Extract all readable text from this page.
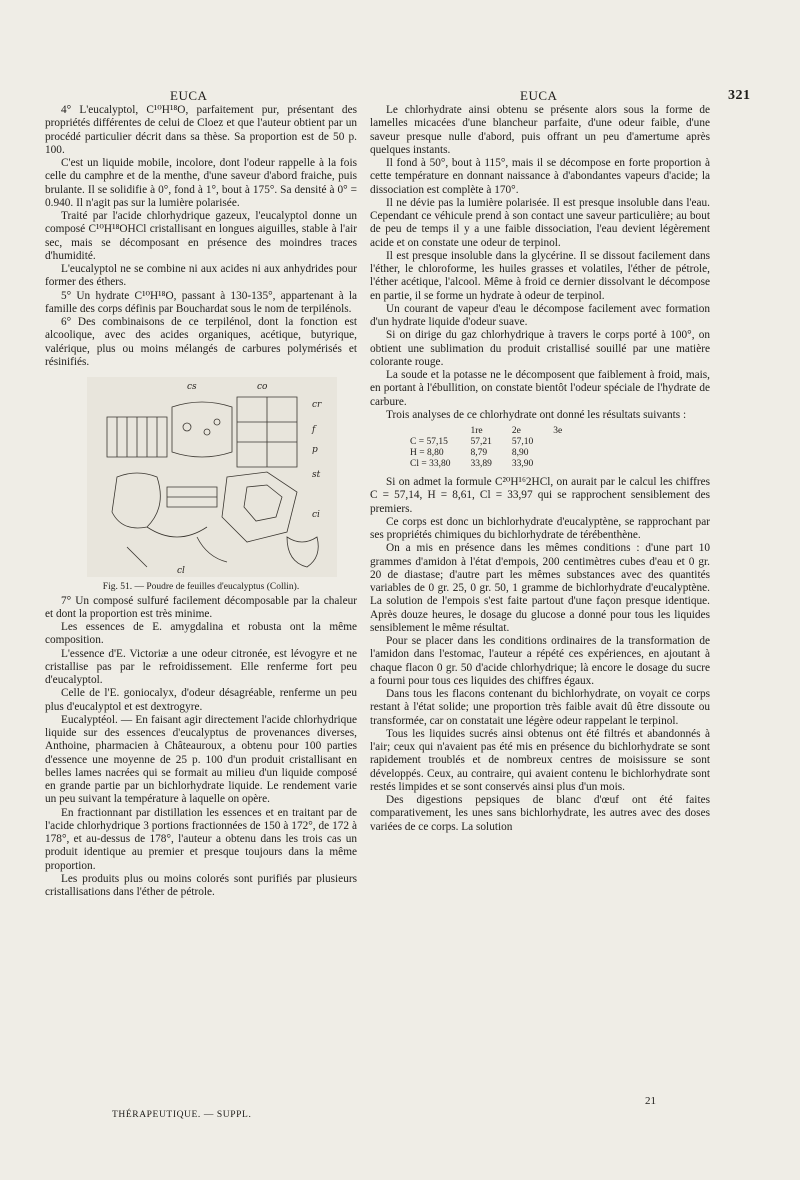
EUCA	EUCA	321

4° L'eucalyptol, C¹⁰H¹⁸O, parfaitement pur, présentant des propriétés différentes de celui de Cloez et que l'auteur obtient par un procédé particulier décrit dans sa thèse. Sa proportion est de 50 p. 100.

C'est un liquide mobile, incolore, dont l'odeur rappelle à la fois celle du camphre et de la menthe, d'une saveur d'abord fraiche, puis brulante. Il se solidifie à 0°, fond à 1°, bout à 175°. Sa densité à 0° = 0.940. Il n'agit pas sur la lumière polarisée.

Traité par l'acide chlorhydrique gazeux, l'eucalyptol donne un composé C¹⁰H¹⁸OHCl cristallisant en longues aiguilles, stable à l'air sec, mais se décomposant en présence des moindres traces d'humidité.

L'eucalyptol ne se combine ni aux acides ni aux anhydrides pour former des éthers.

5° Un hydrate C¹⁰H¹⁸O, passant à 130-135°, appartenant à la famille des corps définis par Bouchardat sous le nom de terpilénols.

6° Des combinaisons de ce terpilénol, dont la fonction est alcoolique, avec des acides organiques, acétique, butyrique, valérique, plus ou moins mélangés de carbures polymérisés et résinifiés.

cs	co
cr
f
p
st
ci
cl

Fig. 51. — Poudre de feuilles d'eucalyptus (Collin).

7° Un composé sulfuré facilement décomposable par la chaleur et dont la proportion est très minime.

Les essences de E. amygdalina et robusta ont la même composition.

L'essence d'E. Victoriæ a une odeur citronée, est lévogyre et ne cristallise pas par le refroidissement. Elle renferme fort peu d'eucalyptol.

Celle de l'E. goniocalyx, d'odeur désagréable, renferme un peu plus d'eucalyptol et est dextrogyre.

Eucalyptéol. — En faisant agir directement l'acide chlorhydrique liquide sur des essences d'eucalyptus de provenances diverses, Anthoine, pharmacien à Châteauroux, a obtenu pour 100 parties d'essence une moyenne de 25 p. 100 d'un produit cristallisant en belles lames nacrées qui se formait au milieu d'un liquide composé en grande partie par un bichlorhydrate liquide. Le rendement varie un peu suivant la température à laquelle on opère.

En fractionnant par distillation les essences et en traitant par de l'acide chlorhydrique 3 portions fractionnées de 150 à 172°, de 172 à 178°, et au-dessus de 178°, l'auteur a obtenu dans les trois cas un produit identique au premier et presque toujours dans la même proportion.

Les produits plus ou moins colorés sont purifiés par plusieurs cristallisations dans l'éther de pétrole.

Le chlorhydrate ainsi obtenu se présente alors sous la forme de lamelles micacées d'une blancheur parfaite, d'une odeur faible, d'une saveur presque nulle d'abord, puis offrant un peu d'amertume après quelques instants.

Il fond à 50°, bout à 115°, mais il se décompose en forte proportion à cette température en donnant naissance à d'abondantes vapeurs d'acide; la dissociation est complète à 170°.

Il ne dévie pas la lumière polarisée. Il est presque insoluble dans l'eau. Cependant ce véhicule prend à son contact une saveur particulière; au bout de peu de temps il y a une faible dissociation, l'eau devient légèrement acide et on constate une odeur de terpinol.

Il est presque insoluble dans la glycérine. Il se dissout facilement dans l'éther, le chloroforme, les huiles grasses et volatiles, l'éther de pétrole, l'éther acétique, l'alcool. Même à froid ce dernier dissolvant le décompose en partie, il se forme un hydrate à odeur de terpinol.

Un courant de vapeur d'eau le décompose facilement avec formation d'un hydrate liquide d'odeur suave.

Si on dirige du gaz chlorhydrique à travers le corps porté à 100°, on obtient une sublimation du produit cristallisé souillé par une matière colorante rouge.

La soude et la potasse ne le décomposent que faiblement à froid, mais, en portant à l'ébullition, on constate bientôt l'odeur spéciale de l'hydrate de carbure.

Trois analyses de ce chlorhydrate ont donné les résultats suivants :

	1re	2e	3e
C = 57,15	57,21	57,10	
H = 8,80	8,79	8,90	
Cl = 33,80	33,89	33,90	

Si on admet la formule C²⁰H¹⁶2HCl, on aurait par le calcul les chiffres C = 57,14, H = 8,61, Cl = 33,97 qui se rapprochent sensiblement des premiers.

Ce corps est donc un bichlorhydrate d'eucalyptène, se rapprochant par ses propriétés chimiques du bichlorhydrate de térébenthène.

On a mis en présence dans les mêmes conditions : d'une part 10 grammes d'amidon à l'état d'empois, 200 centimètres cubes d'eau et 0 gr. 20 de diastase; d'autre part les mêmes substances avec des quantités variables de 0 gr. 25, 0 gr. 50, 1 gramme de bichlorhydrate d'eucalyptène. La solution de l'empois s'est faite partout d'une façon presque identique. Après douze heures, le dosage du glucose a donné pour tous les liquides sensiblement le même résultat.

Pour se placer dans les conditions ordinaires de la transformation de l'amidon dans l'estomac, l'auteur a répété ces expériences, en ajoutant à chaque flacon 0 gr. 50 d'acide chlorhydrique; là encore le dosage du sucre a fourni pour tous ces liquides des chiffres égaux.

Dans tous les flacons contenant du bichlorhydrate, on voyait ce corps restant à l'état solide; une proportion très faible avait dû être dissoute ou transformée, car on constatait une légère odeur rappelant le terpinol.

Tous les liquides sucrés ainsi obtenus ont été filtrés et abandonnés à l'air; ceux qui n'avaient pas été mis en présence du bichlorhydrate se sont rapidement troublés et de nombreux centres de moisissure se sont développés. Ceux, au contraire, qui avaient contenu le bichlorhydrate sont restés limpides et se sont conservés ainsi plus d'un mois.

Des digestions pepsiques de blanc d'œuf ont été faites comparativement, les unes sans bichlorhydrate, les autres avec des doses variées de ce corps. La solution

THÉRAPEUTIQUE. — SUPPL.
21
